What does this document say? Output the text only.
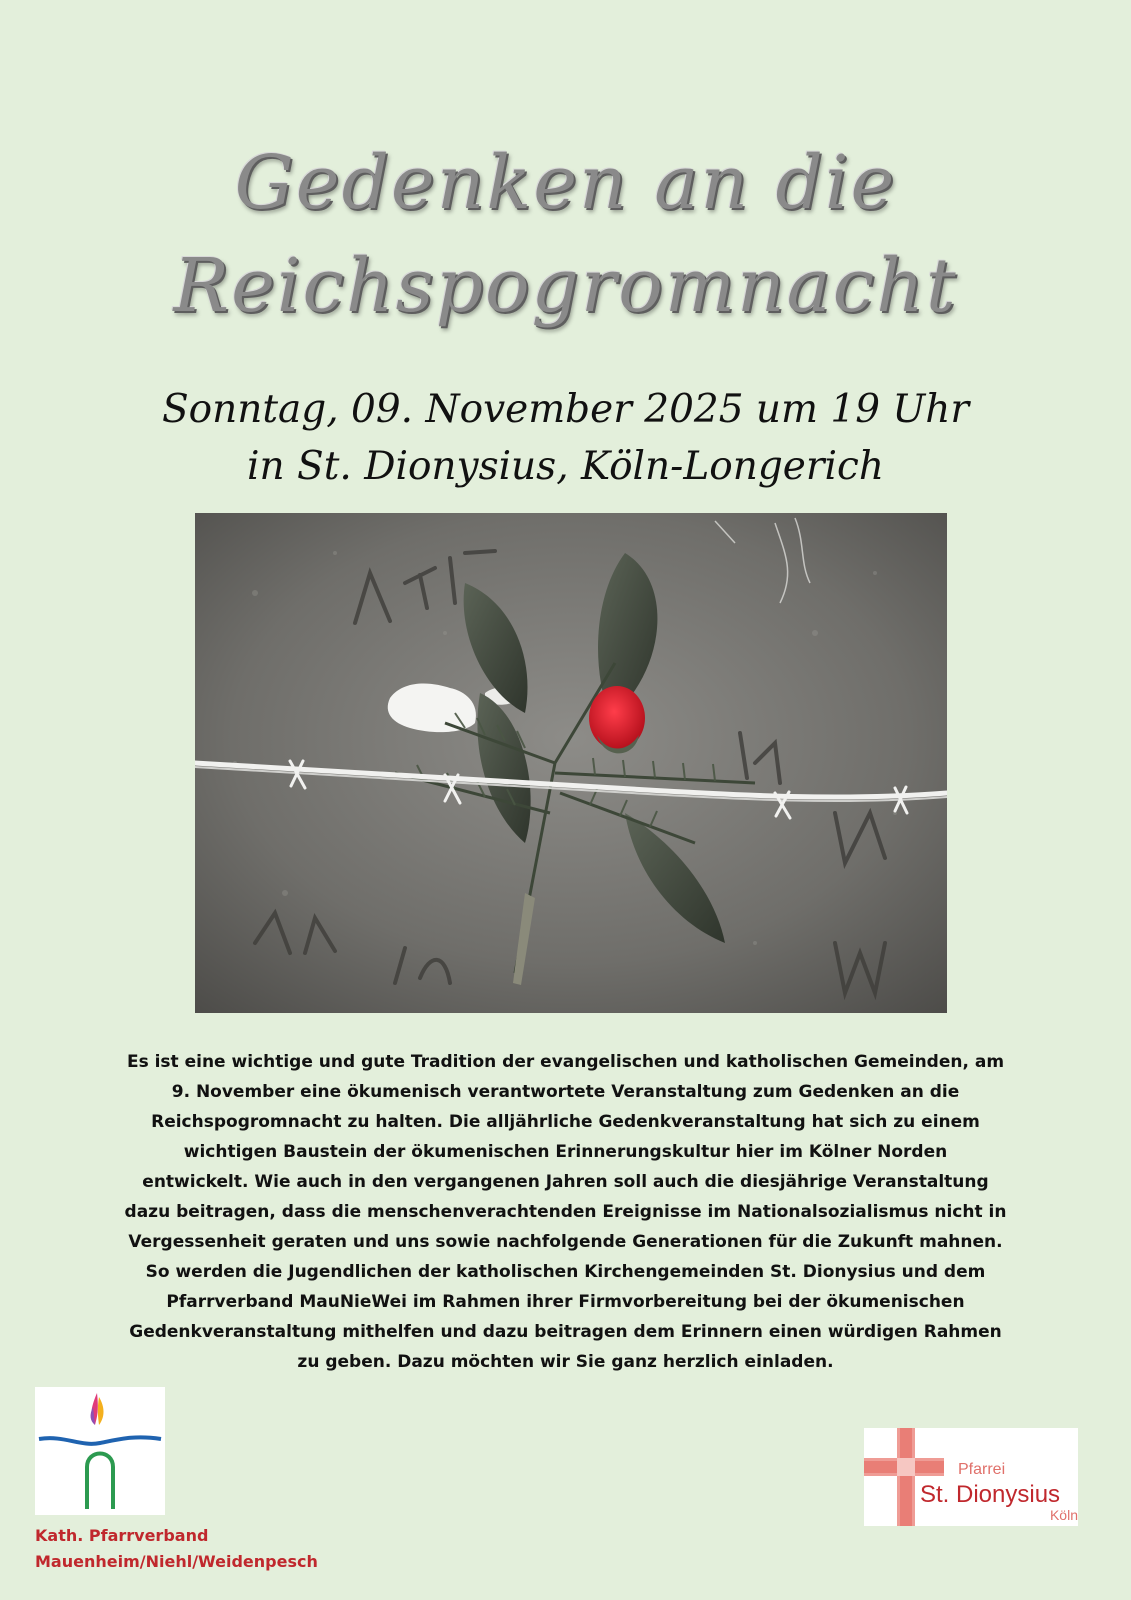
Gedenken an die
Reichspogromnacht
Sonntag, 09. November 2025 um 19 Uhr
in St. Dionysius, Köln-Longerich
Es ist eine wichtige und gute Tradition der evangelischen und katholischen Gemeinden, am
9. November eine ökumenisch verantwortete Veranstaltung zum Gedenken an die
Reichspogromnacht zu halten. Die alljährliche Gedenkveranstaltung hat sich zu einem
wichtigen Baustein der ökumenischen Erinnerungskultur hier im Kölner Norden
entwickelt. Wie auch in den vergangenen Jahren soll auch die diesjährige Veranstaltung
dazu beitragen, dass die menschenverachtenden Ereignisse im Nationalsozialismus nicht in
Vergessenheit geraten und uns sowie nachfolgende Generationen für die Zukunft mahnen.
So werden die Jugendlichen der katholischen Kirchengemeinden St. Dionysius und dem
Pfarrverband MauNieWei im Rahmen ihrer Firmvorbereitung bei der ökumenischen
Gedenkveranstaltung mithelfen und dazu beitragen dem Erinnern einen würdigen Rahmen
zu geben. Dazu möchten wir Sie ganz herzlich einladen.
Kath. Pfarrverband
Mauenheim/Niehl/Weidenpesch
Pfarrei
St. Dionysius
Köln
